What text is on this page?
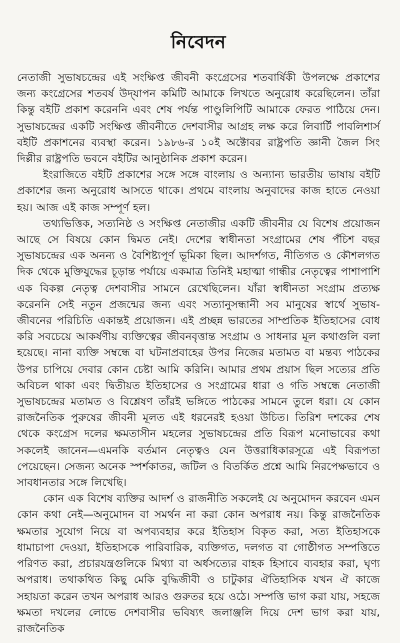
নিবেদন

নেতাজী সুভাষচন্দ্রের এই সংক্ষিপ্ত জীবনী কংগ্রেসের শতবার্ষিকী উপলক্ষে প্রকাশের জন্য কংগ্রেসের শতবর্ষ উদ্‌যাপন কমিটি আমাকে লিখতে অনুরোধ করেছিলেন। তাঁরা কিন্তু বইটি প্রকাশ করেননি এবং শেষ পর্যন্ত পাণ্ডুলিপিটি আমাকে ফেরত পাঠিয়ে দেন। সুভাষচন্দ্রের একটি সংক্ষিপ্ত জীবনীতে দেশবাসীর আগ্রহ লক্ষ করে লিবার্টি পাবলিশার্স বইটি প্রকাশনের ব্যবস্থা করেন। ১৯৮৬-র ১০ই অক্টোবর রাষ্ট্রপতি জ্ঞানী জৈল সিং দিল্লীর রাষ্ট্রপতি ভবনে বইটির আনুষ্ঠানিক প্রকাশ করেন।

ইংরাজিতে বইটি প্রকাশের সঙ্গে সঙ্গে বাংলায় ও অন্যান্য ভারতীয় ভাষায় বইটি প্রকাশের জন্য অনুরোধ আসতে থাকে। প্রথমে বাংলায় অনুবাদের কাজ হাতে নেওয়া হয়। আজ এই কাজ সম্পূর্ণ হল।

তথ্যভিত্তিক, সত্যনিষ্ঠ ও সংক্ষিপ্ত নেতাজীর একটি জীবনীর যে বিশেষ প্রয়োজন আছে সে বিষয়ে কোন দ্বিমত নেই। দেশের স্বাধীনতা সংগ্রামের শেষ পঁচিশ বছর সুভাষচন্দ্রের এক অনন্য ও বৈশিষ্ট্যপূর্ণ ভূমিকা ছিল। আদর্শগত, নীতিগত ও কৌশলগত দিক থেকে মুক্তিযুদ্ধের চূড়ান্ত পর্যায়ে একমাত্র তিনিই মহাত্মা গান্ধীর নেতৃত্বের পাশাপাশি এক বিকল্প নেতৃত্ব দেশবাসীর সামনে রেখেছিলেন। যাঁরা স্বাধীনতা সংগ্রাম প্রত্যক্ষ করেননি সেই নতুন প্রজন্মের জন্য এবং সত্যানুসন্ধানী সব মানুষের স্বার্থে সুভাষ-জীবনের পরিচিতি একান্তই প্রয়োজন। এই প্রচ্ছন্ন ভারতের সাম্প্রতিক ইতিহাসের বোধ করি সবচেয়ে আকর্ষণীয় ব্যক্তিত্বের জীবনবৃত্তান্ত সংগ্রাম ও সাধনার মূল কথাগুলি বলা হয়েছে। নানা ব্যক্তি সম্বন্ধে বা ঘটনাপ্রবাহের উপর নিজের মতামত বা মন্তব্য পাঠকের উপর চাপিয়ে দেবার কোন চেষ্টা আমি করিনি। আমার প্রথম প্রয়াস ছিল সত্যের প্রতি অবিচল থাকা এবং দ্বিতীয়ত ইতিহাসের ও সংগ্রামের ধারা ও গতি সম্বন্ধে নেতাজী সুভাষচন্দ্রের মতামত ও বিশ্লেষণ তাঁরই ভঙ্গিতে পাঠকের সামনে তুলে ধরা। যে কোন রাজনৈতিক পুরুষের জীবনী মূলত এই ধরনেরই হওয়া উচিত। তিরিশ দশকের শেষ থেকে কংগ্রেস দলের ক্ষমতাসীন মহলের সুভাষচন্দ্রের প্রতি বিরূপ মনোভাবের কথা সকলেই জানেন—এমনকি বর্তমান নেতৃত্বও যেন উত্তরাধিকারসূত্রে এই বিরূপতা পেয়েছেন। সেজন্য অনেক স্পর্শকাতর, জটিল ও বিতর্কিত প্রশ্নে আমি নিরপেক্ষভাবে ও সাবধানতার সঙ্গে লিখেছি।

কোন এক বিশেষ ব্যক্তির আদর্শ ও রাজনীতি সকলেই যে অনুমোদন করবেন এমন কোন কথা নেই—অনুমোদন বা সমর্থন না করা কোন অপরাধ নয়। কিন্তু রাজনৈতিক ক্ষমতার সুযোগ নিয়ে বা অপব্যবহার করে ইতিহাস বিকৃত করা, সত্য ইতিহাসকে ধামাচাপা দেওয়া, ইতিহাসকে পারিবারিক, ব্যক্তিগত, দলগত বা গোষ্ঠীগত সম্পত্তিতে পরিণত করা, প্রচারযন্ত্রগুলিকে মিথ্যা বা অর্ধসত্যের বাহক হিসাবে ব্যবহার করা, ঘৃণ্য অপরাধ। তথাকথিত কিছু মেকি বুদ্ধিজীবী ও চাটুকার ঐতিহাসিক যখন ঐ কাজে সহায়তা করেন তখন অপরাধ আরও গুরুতর হয়ে ওঠে। সম্পত্তি ভাগ করা যায়, সহজে ক্ষমতা দখলের লোভে দেশবাসীর ভবিষ্যৎ জলাঞ্জলি দিয়ে দেশ ভাগ করা যায়, রাজনৈতিক
